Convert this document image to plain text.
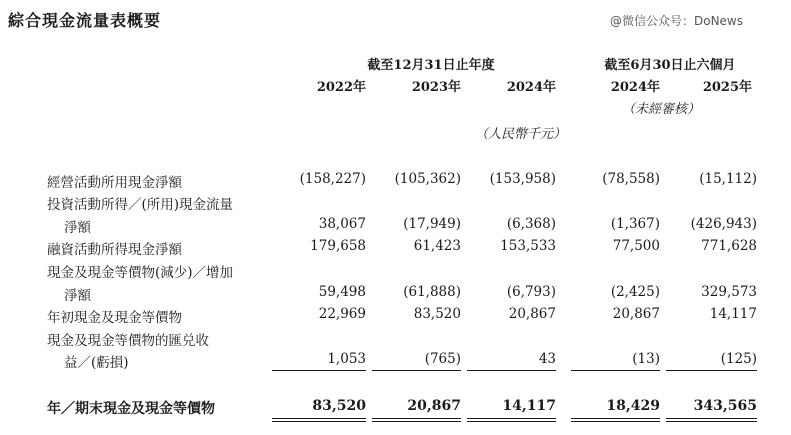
綜合現金流量表概要	@微信公众号：DoNews
截至12月31日止年度	截至6月30日止六個月
2022年	2023年	2024年	2024年	2025年
（未經審核）
（人民幣千元）
經營活動所用現金淨額	(158,227)	(105,362)	(153,958)	(78,558)	(15,112)
投資活動所得／(所用)現金流量
淨額	38,067	(17,949)	(6,368)	(1,367)	(426,943)
融資活動所得現金淨額	179,658	61,423	153,533	77,500	771,628
現金及現金等價物(減少)／增加
淨額	59,498	(61,888)	(6,793)	(2,425)	329,573
年初現金及現金等價物	22,969	83,520	20,867	20,867	14,117
現金及現金等價物的匯兑收
益／(虧損)	1,053	(765)	43	(13)	(125)
年／期末現金及現金等價物	83,520	20,867	14,117	18,429	343,565
